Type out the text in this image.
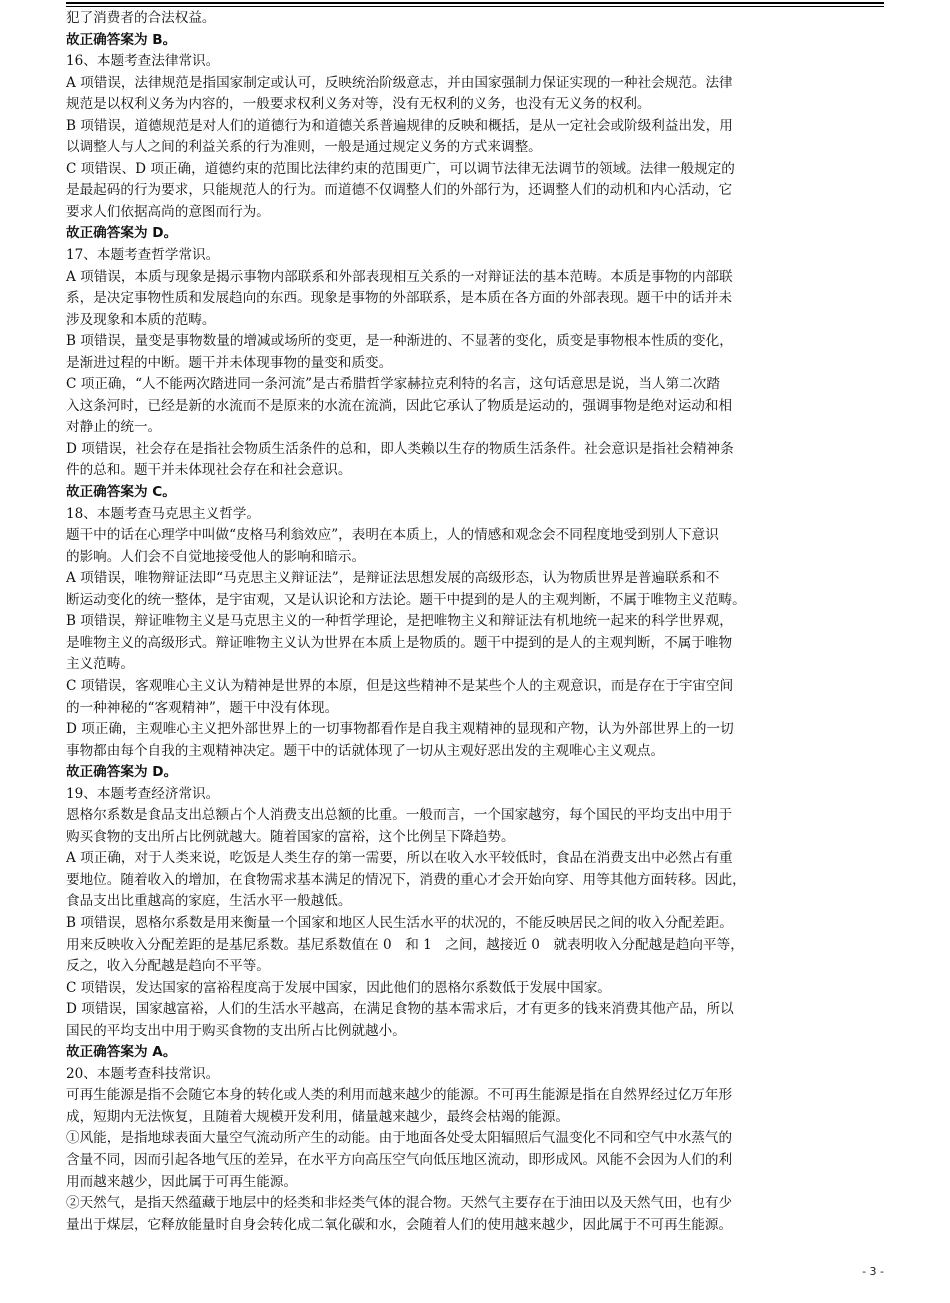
犯了消费者的合法权益。
故正确答案为 B。
16、本题考查法律常识。
A 项错误，法律规范是指国家制定或认可，反映统治阶级意志，并由国家强制力保证实现的一种社会规范。法律
规范是以权利义务为内容的，一般要求权利义务对等，没有无权利的义务，也没有无义务的权利。
B 项错误，道德规范是对人们的道德行为和道德关系普遍规律的反映和概括，是从一定社会或阶级利益出发，用
以调整人与人之间的利益关系的行为准则，一般是通过规定义务的方式来调整。
C 项错误、D 项正确，道德约束的范围比法律约束的范围更广，可以调节法律无法调节的领域。法律一般规定的
是最起码的行为要求，只能规范人的行为。而道德不仅调整人们的外部行为，还调整人们的动机和内心活动，它
要求人们依据高尚的意图而行为。
故正确答案为 D。
17、本题考查哲学常识。
A 项错误，本质与现象是揭示事物内部联系和外部表现相互关系的一对辩证法的基本范畴。本质是事物的内部联
系，是决定事物性质和发展趋向的东西。现象是事物的外部联系，是本质在各方面的外部表现。题干中的话并未
涉及现象和本质的范畴。
B 项错误，量变是事物数量的增减或场所的变更，是一种渐进的、不显著的变化，质变是事物根本性质的变化，
是渐进过程的中断。题干并未体现事物的量变和质变。
C 项正确，“人不能两次踏进同一条河流”是古希腊哲学家赫拉克利特的名言，这句话意思是说，当人第二次踏
入这条河时，已经是新的水流而不是原来的水流在流淌，因此它承认了物质是运动的，强调事物是绝对运动和相
对静止的统一。
D 项错误，社会存在是指社会物质生活条件的总和，即人类赖以生存的物质生活条件。社会意识是指社会精神条
件的总和。题干并未体现社会存在和社会意识。
故正确答案为 C。
18、本题考查马克思主义哲学。
题干中的话在心理学中叫做“皮格马利翁效应”，表明在本质上，人的情感和观念会不同程度地受到别人下意识
的影响。人们会不自觉地接受他人的影响和暗示。
A 项错误，唯物辩证法即“马克思主义辩证法”，是辩证法思想发展的高级形态，认为物质世界是普遍联系和不
断运动变化的统一整体，是宇宙观，又是认识论和方法论。题干中提到的是人的主观判断，不属于唯物主义范畴。
B 项错误，辩证唯物主义是马克思主义的一种哲学理论，是把唯物主义和辩证法有机地统一起来的科学世界观，
是唯物主义的高级形式。辩证唯物主义认为世界在本质上是物质的。题干中提到的是人的主观判断，不属于唯物
主义范畴。
C 项错误，客观唯心主义认为精神是世界的本原，但是这些精神不是某些个人的主观意识，而是存在于宇宙空间
的一种神秘的“客观精神”，题干中没有体现。
D 项正确，主观唯心主义把外部世界上的一切事物都看作是自我主观精神的显现和产物，认为外部世界上的一切
事物都由每个自我的主观精神决定。题干中的话就体现了一切从主观好恶出发的主观唯心主义观点。
故正确答案为 D。
19、本题考查经济常识。
恩格尔系数是食品支出总额占个人消费支出总额的比重。一般而言，一个国家越穷，每个国民的平均支出中用于
购买食物的支出所占比例就越大。随着国家的富裕，这个比例呈下降趋势。
A 项正确，对于人类来说，吃饭是人类生存的第一需要，所以在收入水平较低时，食品在消费支出中必然占有重
要地位。随着收入的增加，在食物需求基本满足的情况下，消费的重心才会开始向穿、用等其他方面转移。因此，
食品支出比重越高的家庭，生活水平一般越低。
B 项错误，恩格尔系数是用来衡量一个国家和地区人民生活水平的状况的，不能反映居民之间的收入分配差距。
用来反映收入分配差距的是基尼系数。基尼系数值在 0　和 1　之间，越接近 0　就表明收入分配越是趋向平等，
反之，收入分配越是趋向不平等。
C 项错误，发达国家的富裕程度高于发展中国家，因此他们的恩格尔系数低于发展中国家。
D 项错误，国家越富裕，人们的生活水平越高，在满足食物的基本需求后，才有更多的钱来消费其他产品，所以
国民的平均支出中用于购买食物的支出所占比例就越小。
故正确答案为 A。
20、本题考查科技常识。
可再生能源是指不会随它本身的转化或人类的利用而越来越少的能源。不可再生能源是指在自然界经过亿万年形
成，短期内无法恢复，且随着大规模开发利用，储量越来越少，最终会枯竭的能源。
①风能，是指地球表面大量空气流动所产生的动能。由于地面各处受太阳辐照后气温变化不同和空气中水蒸气的
含量不同，因而引起各地气压的差异，在水平方向高压空气向低压地区流动，即形成风。风能不会因为人们的利
用而越来越少，因此属于可再生能源。
②天然气，是指天然蕴藏于地层中的烃类和非烃类气体的混合物。天然气主要存在于油田以及天然气田，也有少
量出于煤层，它释放能量时自身会转化成二氧化碳和水，会随着人们的使用越来越少，因此属于不可再生能源。
- 3 -
